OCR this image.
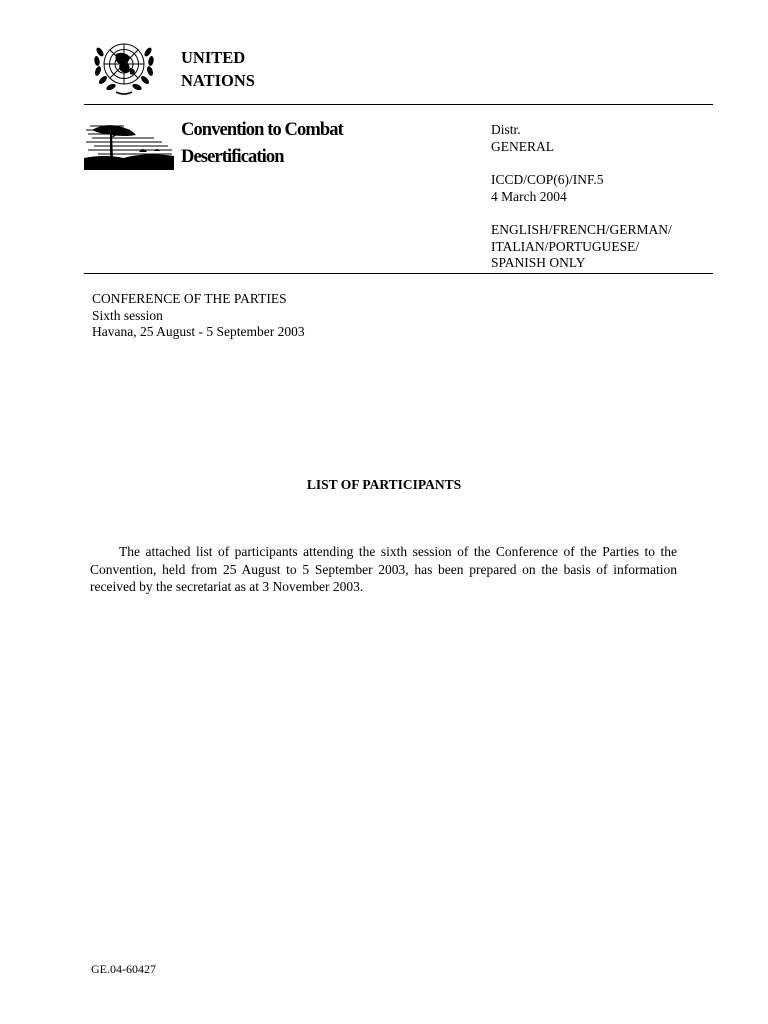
UNITED
NATIONS
Convention to Combat
Desertification
Distr.
GENERAL
ICCD/COP(6)/INF.5
4 March 2004
ENGLISH/FRENCH/GERMAN/
ITALIAN/PORTUGUESE/
SPANISH ONLY
CONFERENCE OF THE PARTIES
Sixth session
Havana, 25 August - 5 September 2003
LIST OF PARTICIPANTS

The attached list of participants attending the sixth session of the Conference of the Parties to the Convention, held from 25 August to 5 September 2003, has been prepared on the basis of information received by the secretariat as at 3 November 2003.

GE.04-60427
